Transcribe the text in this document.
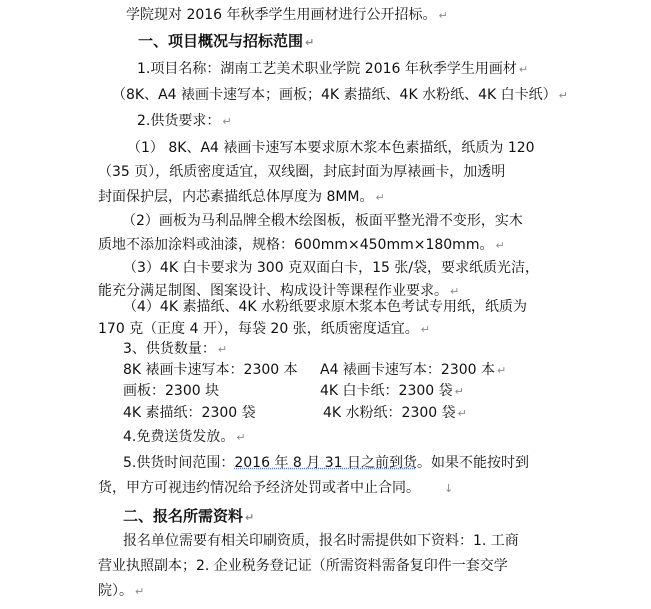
学院现对 2016 年秋季学生用画材进行公开招标。 ↵
一、项目概况与招标范围 ↵
1.项目名称：湖南工艺美术职业学院 2016 年秋季学生用画材 ↵
（8K、A4 裱画卡速写本；画板；4K 素描纸、4K 水粉纸、4K 白卡纸） ↵
2.供货要求： ↵
（1） 8K、A4 裱画卡速写本要求原木浆本色素描纸，纸质为 120
（35 页），纸质密度适宜，双线圈，封底封面为厚裱画卡，加透明
封面保护层，内芯素描纸总体厚度为 8MM。 ↵
（2）画板为马利品牌全椴木绘图板，板面平整光滑不变形，实木
质地不添加涂料或油漆，规格：600mm×450mm×180mm。 ↵
（3）4K 白卡要求为 300 克双面白卡，15 张/袋，要求纸质光洁，
能充分满足制图、图案设计、构成设计等课程作业要求。 ↵
（4）4K 素描纸、4K 水粉纸要求原木浆本色考试专用纸，纸质为
170 克（正度 4 开），每袋 20 张，纸质密度适宜。 ↵
3、供货数量： ↵
8K 裱画卡速写本：2300 本 A4 裱画卡速写本：2300 本 ↵
画板：2300 块	4K 白卡纸：2300 袋 ↵
4K 素描纸：2300 袋	4K 水粉纸：2300 袋 ↵
4.免费送货发放。 ↵
5.供货时间范围：2016 年 8 月 31 日之前到货。如果不能按时到
货，甲方可视违约情况给予经济处罚或者中止合同。 ↓
二、报名所需资料 ↵
报名单位需要有相关印刷资质，报名时需提供如下资料：1. 工商
营业执照副本；2. 企业税务登记证（所需资料需备复印件一套交学
院）。 ↵
